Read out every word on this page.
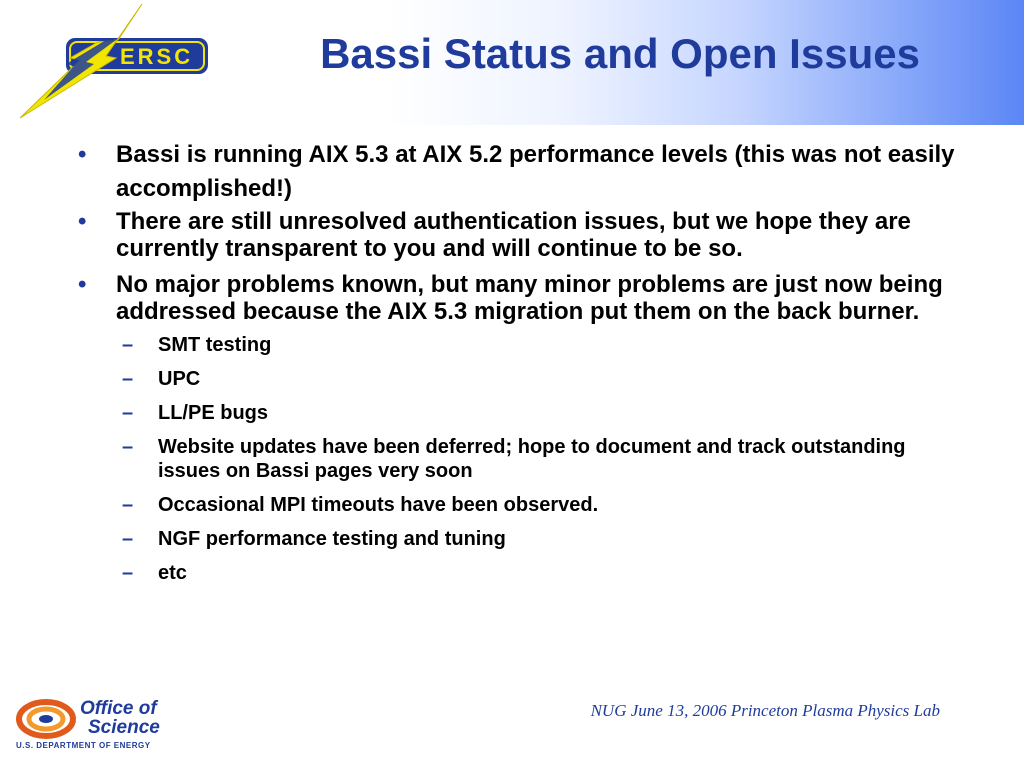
ERSC	Bassi Status and Open Issues
• Bassi is running AIX 5.3 at AIX 5.2 performance levels (this was not easily accomplished!)
• There are still unresolved authentication issues, but we hope they are currently transparent to you and will continue to be so.
• No major problems known, but many minor problems are just now being addressed because the AIX 5.3 migration put them on the back burner.
– SMT testing
– UPC
– LL/PE bugs
– Website updates have been deferred; hope to document and track outstanding issues on Bassi pages very soon
– Occasional MPI timeouts have been observed.
– NGF performance testing and tuning
– etc
Office of
Science
U.S. DEPARTMENT OF ENERGY
NUG June 13, 2006 Princeton Plasma Physics Lab
